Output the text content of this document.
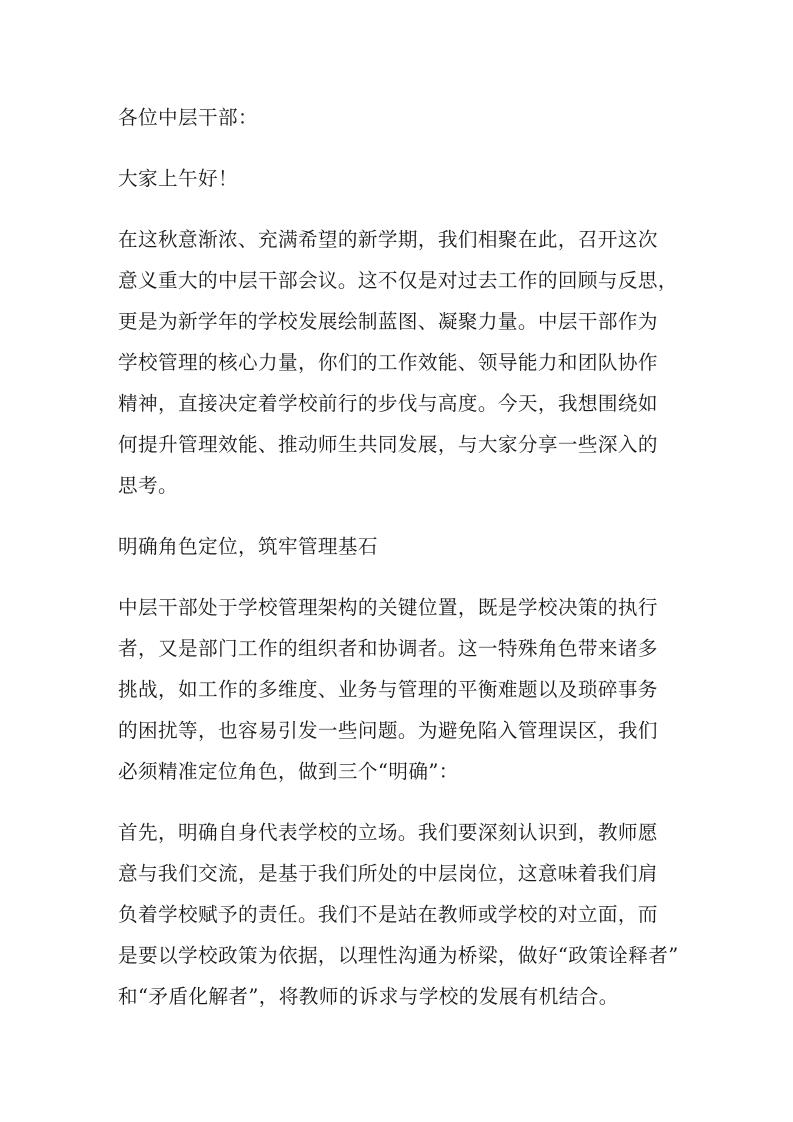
各位中层干部：

大家上午好！

在这秋意渐浓、充满希望的新学期，我们相聚在此，召开这次
意义重大的中层干部会议。这不仅是对过去工作的回顾与反思，
更是为新学年的学校发展绘制蓝图、凝聚力量。中层干部作为
学校管理的核心力量，你们的工作效能、领导能力和团队协作
精神，直接决定着学校前行的步伐与高度。今天，我想围绕如
何提升管理效能、推动师生共同发展，与大家分享一些深入的
思考。

明确角色定位，筑牢管理基石

中层干部处于学校管理架构的关键位置，既是学校决策的执行
者，又是部门工作的组织者和协调者。这一特殊角色带来诸多
挑战，如工作的多维度、业务与管理的平衡难题以及琐碎事务
的困扰等，也容易引发一些问题。为避免陷入管理误区，我们
必须精准定位角色，做到三个“明确”：

首先，明确自身代表学校的立场。我们要深刻认识到，教师愿
意与我们交流，是基于我们所处的中层岗位，这意味着我们肩
负着学校赋予的责任。我们不是站在教师或学校的对立面，而
是要以学校政策为依据，以理性沟通为桥梁，做好“政策诠释者”
和“矛盾化解者”，将教师的诉求与学校的发展有机结合。
